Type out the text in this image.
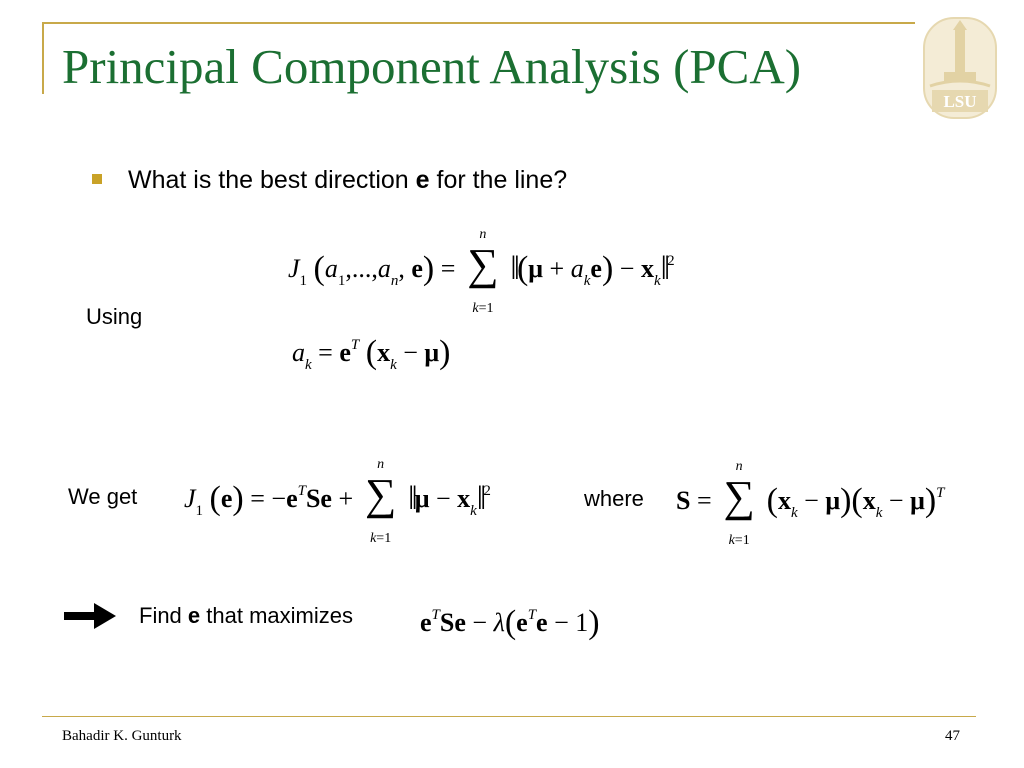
Principal Component Analysis (PCA)
LSU
What is the best direction e for the line?
$J_1$ ($a_1,...,a_n$, e) =
n
∑
k=1
‖(μ + $a_ke$) − $x_k‖^2$
Using
$a_k = e^T$ $(x_k - \mu)$
We get $J_1$ $(e) = -e^TSe$ +
n
∑
k=1
‖μ − $x_k‖^2$	where S =
n
∑
k=1
$(x_k - \mu)(x_k - \mu)^T$
Find e that maximizes	$e^TSe - \lambda(e^Te - 1)$
Bahadir K. Gunturk	47
